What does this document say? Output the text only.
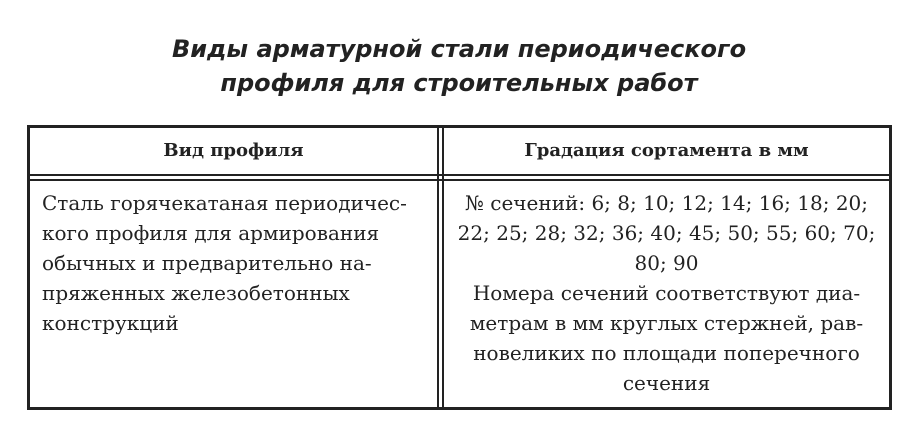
Виды арматурной стали периодического
профиля для строительных работ
Вид профиля	Градация сортамента в мм
Сталь горячекатаная периодичес-
кого профиля для армирования
обычных и предварительно на-
пряженных железобетонных
конструкций
№ сечений: 6; 8; 10; 12; 14; 16; 18; 20;
22; 25; 28; 32; 36; 40; 45; 50; 55; 60; 70;
80; 90
Номера сечений соответствуют диа-
метрам в мм круглых стержней, рав-
новеликих по площади поперечного
сечения
